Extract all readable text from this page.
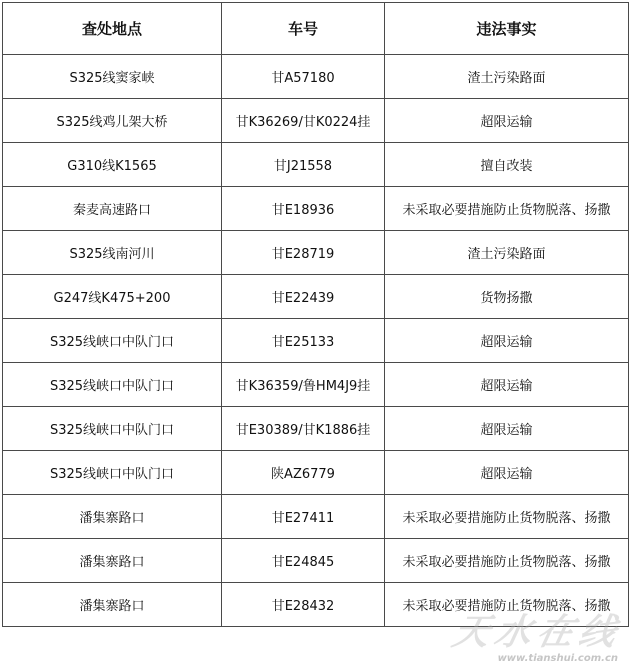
查处地点	车号	违法事实
S325线窦家峡	甘A57180	渣土污染路面
S325线鸡儿架大桥	甘K36269/甘K0224挂	超限运输
G310线K1565	甘J21558	擅自改装
秦麦高速路口	甘E18936	未采取必要措施防止货物脱落、扬撒
S325线南河川	甘E28719	渣土污染路面
G247线K475+200	甘E22439	货物扬撒
S325线峡口中队门口	甘E25133	超限运输
S325线峡口中队门口	甘K36359/鲁HM4J9挂	超限运输
S325线峡口中队门口	甘E30389/甘K1886挂	超限运输
S325线峡口中队门口	陕AZ6779	超限运输
潘集寨路口	甘E27411	未采取必要措施防止货物脱落、扬撒
潘集寨路口	甘E24845	未采取必要措施防止货物脱落、扬撒
潘集寨路口	甘E28432	未采取必要措施防止货物脱落、扬撒
天水在线
www.tianshui.com.cn
